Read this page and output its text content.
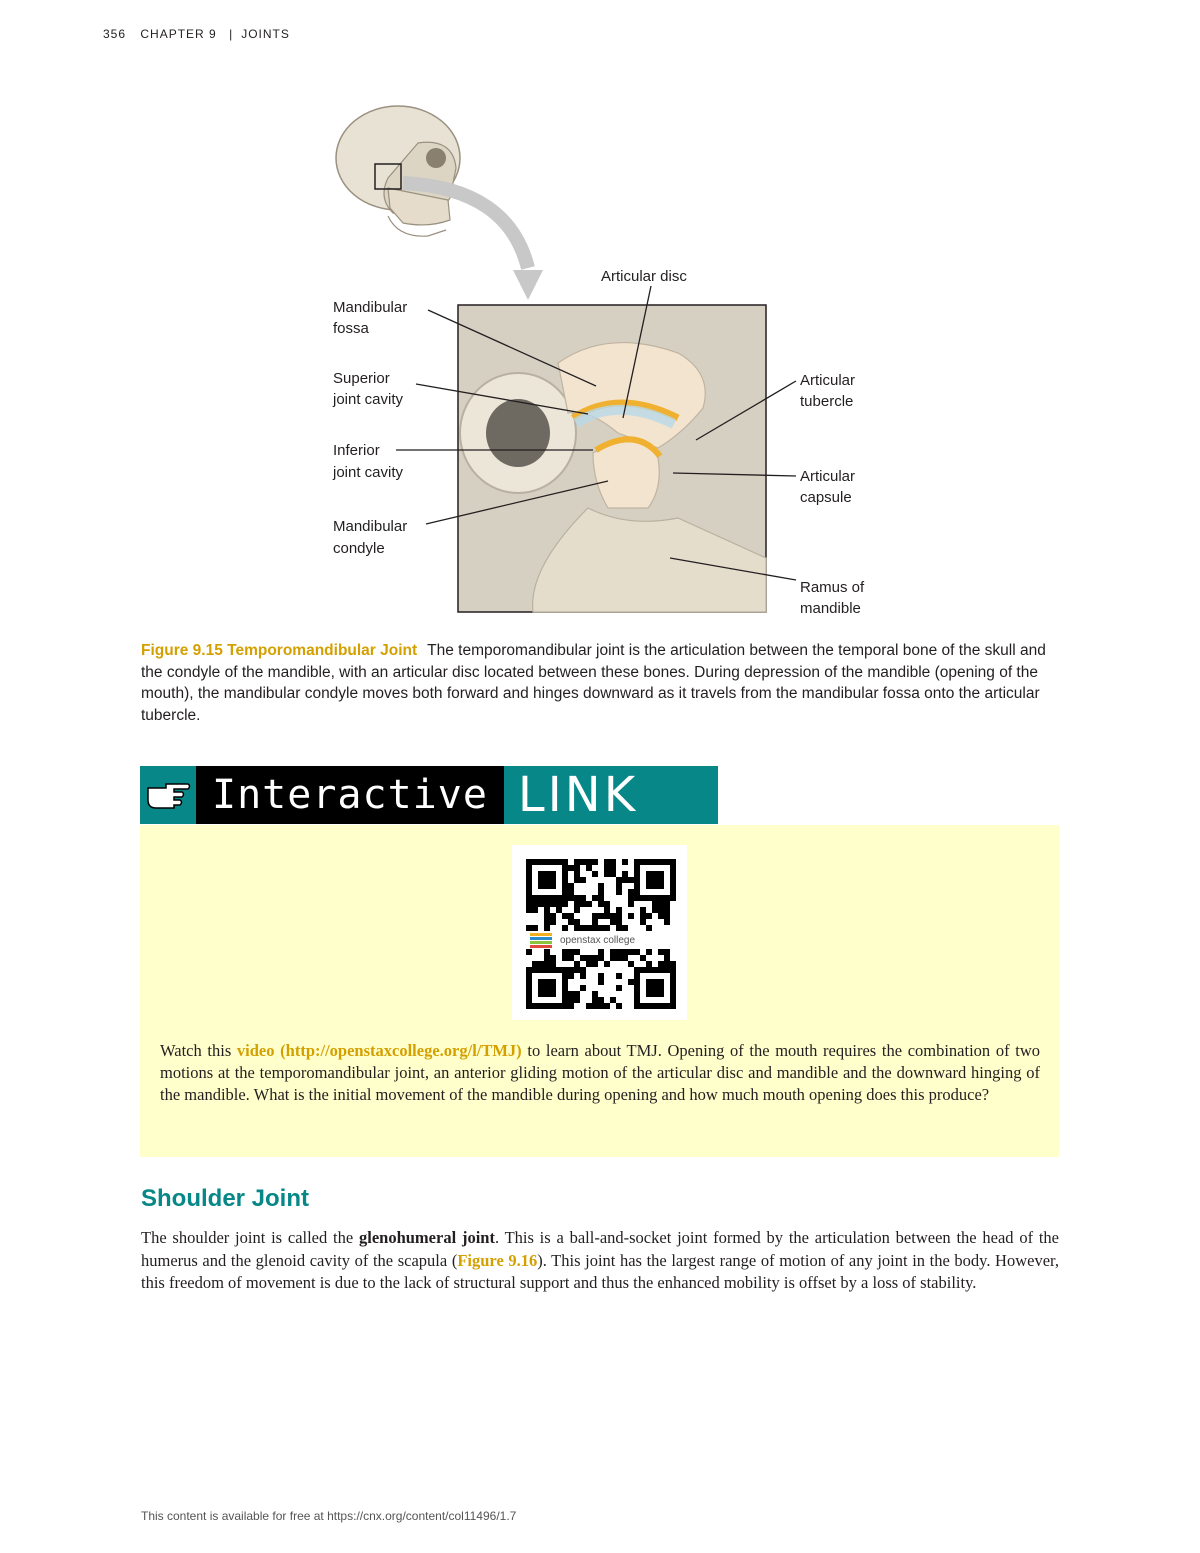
356 CHAPTER 9 | JOINTS
Articular disc
Mandibular
fossa
Superior
joint cavity
Inferior
joint cavity
Mandibular
condyle
Articular
tubercle
Articular
capsule
Ramus of
mandible
Figure 9.15 Temporomandibular Joint The temporomandibular joint is the articulation between the temporal bone of the skull and the condyle of the mandible, with an articular disc located between these bones. During depression of the mandible (opening of the mouth), the mandibular condyle moves both forward and hinges downward as it travels from the mandibular fossa onto the articular tubercle.
Interactive LINK
openstax college
Watch this video (http://openstaxcollege.org/l/TMJ) to learn about TMJ. Opening of the mouth requires the combination of two motions at the temporomandibular joint, an anterior gliding motion of the articular disc and mandible and the downward hinging of the mandible. What is the initial movement of the mandible during opening and how much mouth opening does this produce?
Shoulder Joint
The shoulder joint is called the glenohumeral joint. This is a ball-and-socket joint formed by the articulation between the head of the humerus and the glenoid cavity of the scapula (Figure 9.16). This joint has the largest range of motion of any joint in the body. However, this freedom of movement is due to the lack of structural support and thus the enhanced mobility is offset by a loss of stability.
This content is available for free at https://cnx.org/content/col11496/1.7
